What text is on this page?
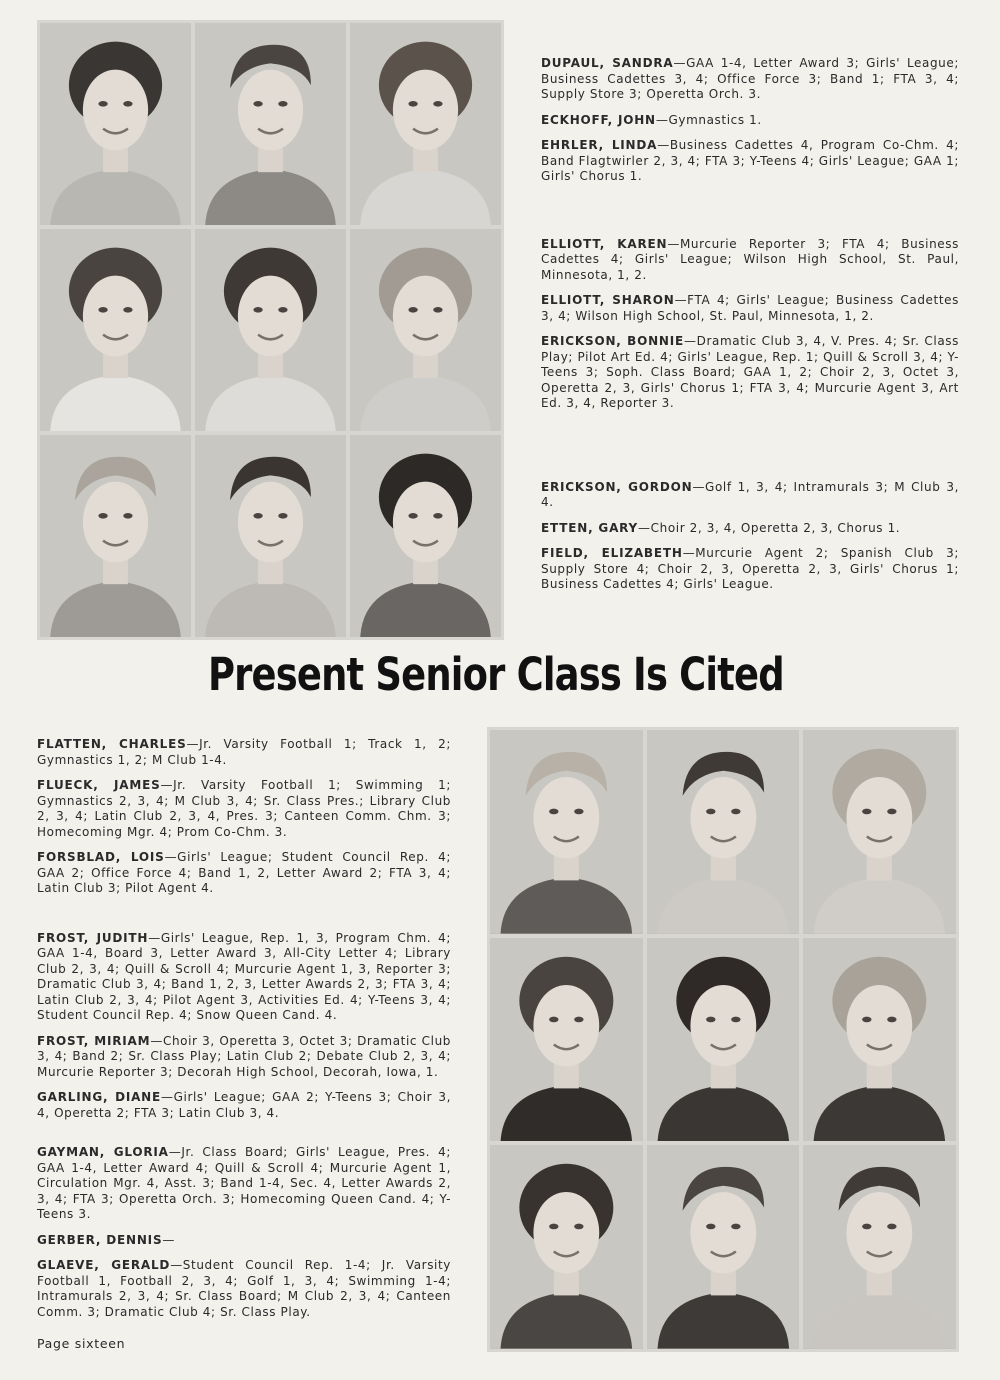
DUPAUL, SANDRA—GAA 1-4, Letter Award 3; Girls' League; Business Cadettes 3, 4; Office Force 3; Band 1; FTA 3, 4; Supply Store 3; Operetta Orch. 3.

ECKHOFF, JOHN—Gymnastics 1.

EHRLER, LINDA—Business Cadettes 4, Program Co-Chm. 4; Band Flagtwirler 2, 3, 4; FTA 3; Y-Teens 4; Girls' League; GAA 1; Girls' Chorus 1.

ELLIOTT, KAREN—Murcurie Reporter 3; FTA 4; Business Cadettes 4; Girls' League; Wilson High School, St. Paul, Minnesota, 1, 2.

ELLIOTT, SHARON—FTA 4; Girls' League; Business Cadettes 3, 4; Wilson High School, St. Paul, Minnesota, 1, 2.

ERICKSON, BONNIE—Dramatic Club 3, 4, V. Pres. 4; Sr. Class Play; Pilot Art Ed. 4; Girls' League, Rep. 1; Quill & Scroll 3, 4; Y-Teens 3; Soph. Class Board; GAA 1, 2; Choir 2, 3, Octet 3, Operetta 2, 3, Girls' Chorus 1; FTA 3, 4; Murcurie Agent 3, Art Ed. 3, 4, Reporter 3.

ERICKSON, GORDON—Golf 1, 3, 4; Intramurals 3; M Club 3, 4.

ETTEN, GARY—Choir 2, 3, 4, Operetta 2, 3, Chorus 1.

FIELD, ELIZABETH—Murcurie Agent 2; Spanish Club 3; Supply Store 4; Choir 2, 3, Operetta 2, 3, Girls' Chorus 1; Business Cadettes 4; Girls' League.

Present Senior Class Is Cited

FLATTEN, CHARLES—Jr. Varsity Football 1; Track 1, 2; Gymnastics 1, 2; M Club 1-4.

FLUECK, JAMES—Jr. Varsity Football 1; Swimming 1; Gymnastics 2, 3, 4; M Club 3, 4; Sr. Class Pres.; Library Club 2, 3, 4; Latin Club 2, 3, 4, Pres. 3; Canteen Comm. Chm. 3; Homecoming Mgr. 4; Prom Co-Chm. 3.

FORSBLAD, LOIS—Girls' League; Student Council Rep. 4; GAA 2; Office Force 4; Band 1, 2, Letter Award 2; FTA 3, 4; Latin Club 3; Pilot Agent 4.

FROST, JUDITH—Girls' League, Rep. 1, 3, Program Chm. 4; GAA 1-4, Board 3, Letter Award 3, All-City Letter 4; Library Club 2, 3, 4; Quill & Scroll 4; Murcurie Agent 1, 3, Reporter 3; Dramatic Club 3, 4; Band 1, 2, 3, Letter Awards 2, 3; FTA 3, 4; Latin Club 2, 3, 4; Pilot Agent 3, Activities Ed. 4; Y-Teens 3, 4; Student Council Rep. 4; Snow Queen Cand. 4.

FROST, MIRIAM—Choir 3, Operetta 3, Octet 3; Dramatic Club 3, 4; Band 2; Sr. Class Play; Latin Club 2; Debate Club 2, 3, 4; Murcurie Reporter 3; Decorah High School, Decorah, Iowa, 1.

GARLING, DIANE—Girls' League; GAA 2; Y-Teens 3; Choir 3, 4, Operetta 2; FTA 3; Latin Club 3, 4.

GAYMAN, GLORIA—Jr. Class Board; Girls' League, Pres. 4; GAA 1-4, Letter Award 4; Quill & Scroll 4; Murcurie Agent 1, Circulation Mgr. 4, Asst. 3; Band 1-4, Sec. 4, Letter Awards 2, 3, 4; FTA 3; Operetta Orch. 3; Homecoming Queen Cand. 4; Y-Teens 3.

GERBER, DENNIS—

GLAEVE, GERALD—Student Council Rep. 1-4; Jr. Varsity Football 1, Football 2, 3, 4; Golf 1, 3, 4; Swimming 1-4; Intramurals 2, 3, 4; Sr. Class Board; M Club 2, 3, 4; Canteen Comm. 3; Dramatic Club 4; Sr. Class Play.

Page sixteen
